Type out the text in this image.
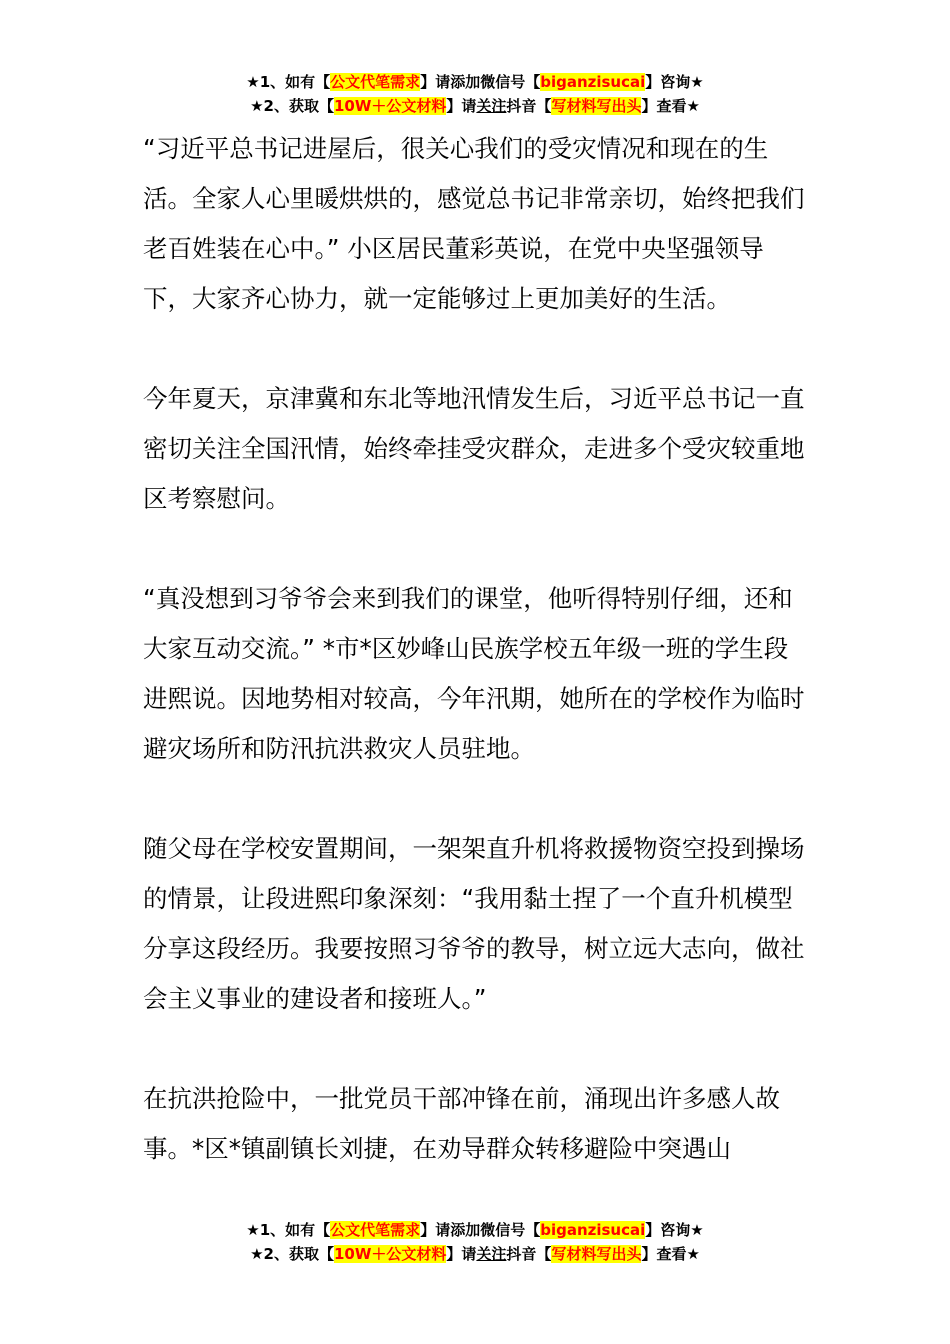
★1、如有【公文代笔需求】请添加微信号【biganzisucai】咨询★
★2、获取【10W＋公文材料】请关注抖音【写材料写出头】查看★

“习近平总书记进屋后，很关心我们的受灾情况和现在的生活。全家人心里暖烘烘的，感觉总书记非常亲切，始终把我们老百姓装在心中。” 小区居民董彩英说，在党中央坚强领导下，大家齐心协力，就一定能够过上更加美好的生活。

今年夏天，京津冀和东北等地汛情发生后，习近平总书记一直密切关注全国汛情，始终牵挂受灾群众，走进多个受灾较重地区考察慰问。

“真没想到习爷爷会来到我们的课堂，他听得特别仔细，还和大家互动交流。” *市*区妙峰山民族学校五年级一班的学生段进熙说。因地势相对较高，今年汛期，她所在的学校作为临时避灾场所和防汛抗洪救灾人员驻地。

随父母在学校安置期间，一架架直升机将救援物资空投到操场的情景，让段进熙印象深刻：“我用黏土捏了一个直升机模型分享这段经历。我要按照习爷爷的教导，树立远大志向，做社会主义事业的建设者和接班人。”

在抗洪抢险中，一批党员干部冲锋在前，涌现出许多感人故事。*区*镇副镇长刘捷，在劝导群众转移避险中突遇山

★1、如有【公文代笔需求】请添加微信号【biganzisucai】咨询★
★2、获取【10W＋公文材料】请关注抖音【写材料写出头】查看★
